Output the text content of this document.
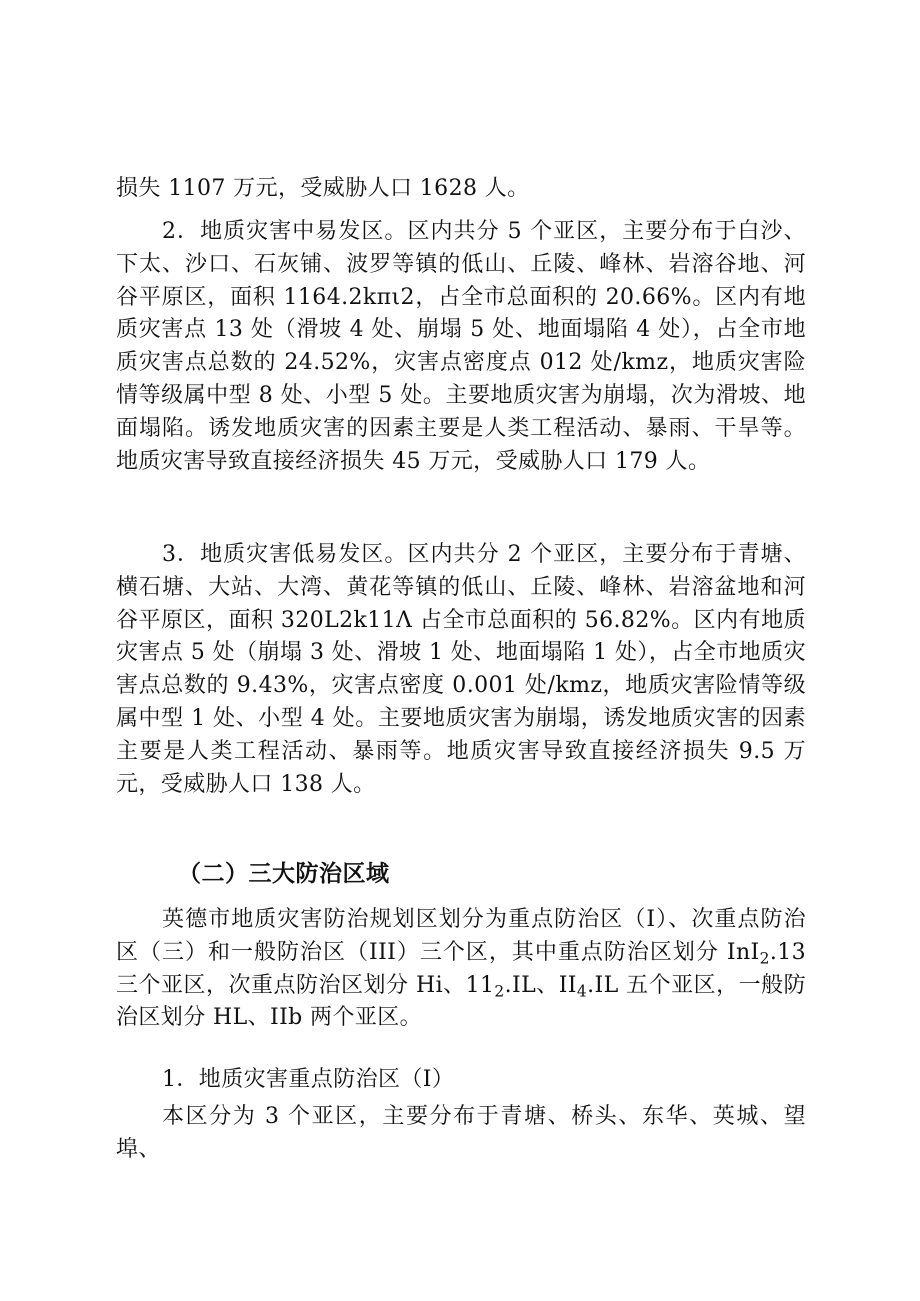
损失 1107 万元，受威胁人口 1628 人。

2．地质灾害中易发区。区内共分 5 个亚区，主要分布于白沙、下太、沙口、石灰铺、波罗等镇的低山、丘陵、峰林、岩溶谷地、河谷平原区，面积 1164.2kπι2，占全市总面积的 20.66%。区内有地质灾害点 13 处（滑坡 4 处、崩塌 5 处、地面塌陷 4 处），占全市地质灾害点总数的 24.52%，灾害点密度点 012 处/kmz，地质灾害险情等级属中型 8 处、小型 5 处。主要地质灾害为崩塌，次为滑坡、地面塌陷。诱发地质灾害的因素主要是人类工程活动、暴雨、干旱等。地质灾害导致直接经济损失 45 万元，受威胁人口 179 人。

3．地质灾害低易发区。区内共分 2 个亚区，主要分布于青塘、横石塘、大站、大湾、黄花等镇的低山、丘陵、峰林、岩溶盆地和河谷平原区，面积 320L2k11Λ 占全市总面积的 56.82%。区内有地质灾害点 5 处（崩塌 3 处、滑坡 1 处、地面塌陷 1 处），占全市地质灾害点总数的 9.43%，灾害点密度 0.001 处/kmz，地质灾害险情等级属中型 1 处、小型 4 处。主要地质灾害为崩塌，诱发地质灾害的因素主要是人类工程活动、暴雨等。地质灾害导致直接经济损失 9.5 万元，受威胁人口 138 人。

（二）三大防治区域

英德市地质灾害防治规划区划分为重点防治区（I）、次重点防治区（三）和一般防治区（III）三个区，其中重点防治区划分 InI$_2$.13 三个亚区，次重点防治区划分 Hi、$11_2.IL$、$II_4.IL$ 五个亚区，一般防治区划分 HL、IIb 两个亚区。

1．地质灾害重点防治区（I）

本区分为 3 个亚区，主要分布于青塘、桥头、东华、英城、望埠、
